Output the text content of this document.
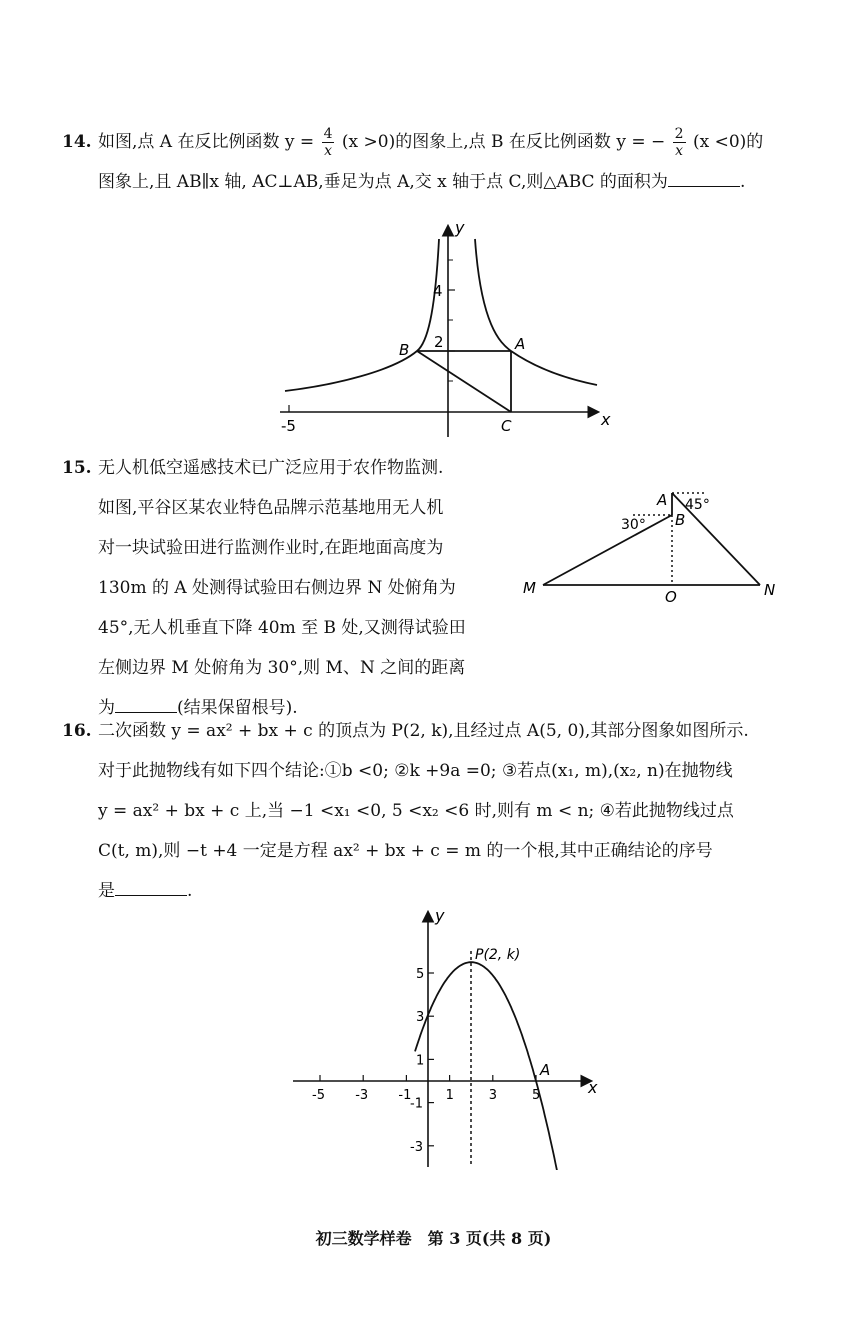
14. 如图,点 A 在反比例函数 $y = \frac{4}{x} (x >0)$的图象上,点 B 在反比例函数 y = − $\frac{2}{x} (x <0)$的
图象上,且 AB∥x 轴, AC⊥AB,垂足为点 A,交 x 轴于点 C,则△ABC 的面积为	.
y
x
4
2
-5
A
B
C
15. 无人机低空遥感技术已广泛应用于农作物监测.
如图,平谷区某农业特色品牌示范基地用无人机
对一块试验田进行监测作业时,在距地面高度为
130m 的 A 处测得试验田右侧边界 N 处俯角为
45°,无人机垂直下降 40m 至 B 处,又测得试验田
左侧边界 M 处俯角为 30°,则 M、N 之间的距离
为	(结果保留根号).
A
B
45°
30°
M	N
O
16. 二次函数 y = ax² + bx + c 的顶点为 P(2, k),且经过点 A(5, 0),其部分图象如图所示.
对于此抛物线有如下四个结论:①b <0; ②k +9a =0; ③若点(x₁, m),(x₂, n)在抛物线
y = ax² + bx + c 上,当 −1 <x₁ <0, 5 <x₂ <6 时,则有 m < n; ④若此抛物线过点
C(t, m),则 −t +4 一定是方程 ax² + bx + c = m 的一个根,其中正确结论的序号
是	.
-5 -3 -1	1	3	5
5
3
1
-1
-3
y
x
P(2, k)
A
初三数学样卷　第 3 页(共 8 页)
